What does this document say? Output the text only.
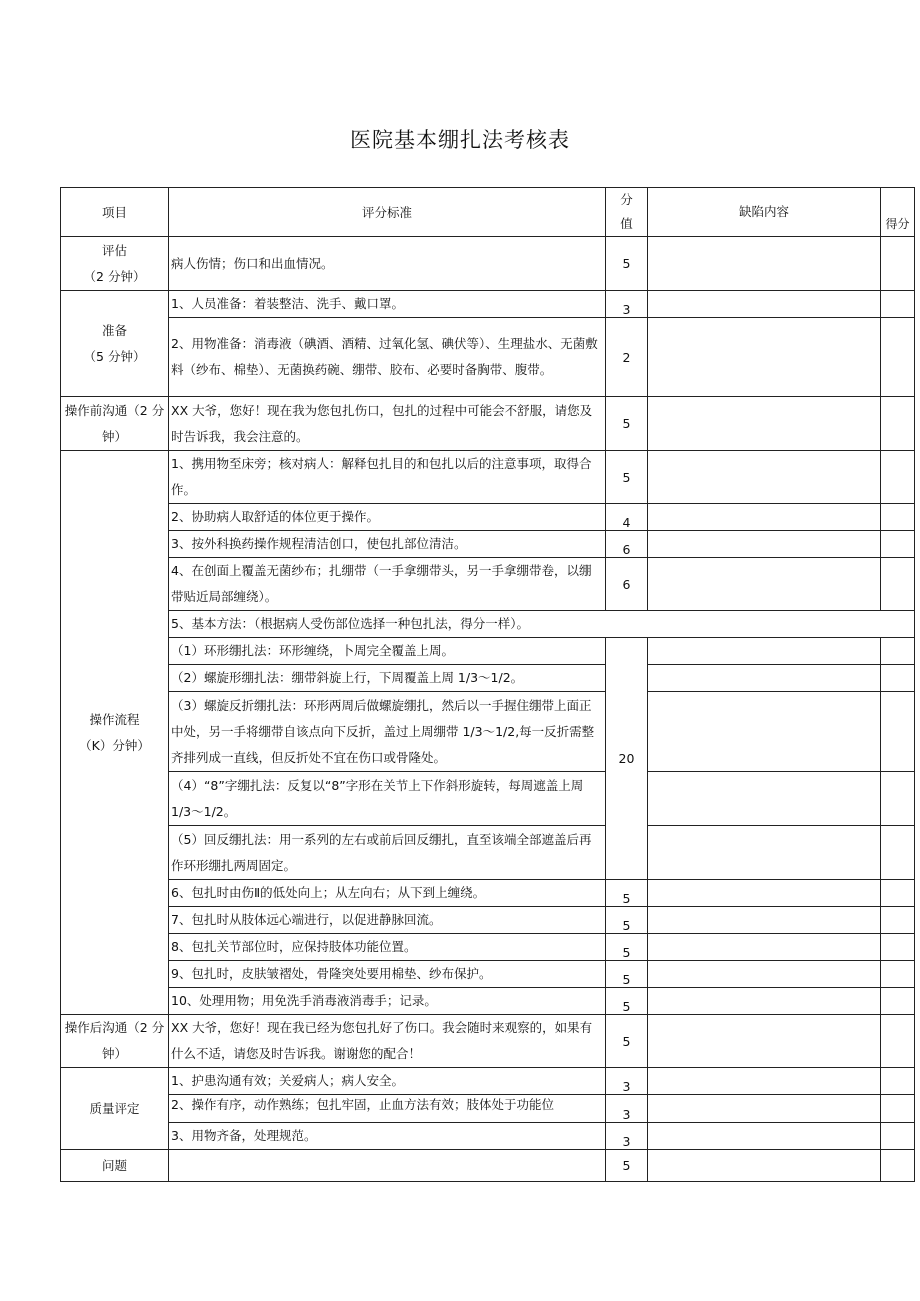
医院基本绷扎法考核表
项目	评分标准	分值	缺陷内容	得分

评估
（2 分钟）	病人伤情；伤口和出血情况。	5		

准备
（5 分钟）	1、人员准备：着装整洁、洗手、戴口罩。	3		
	2、用物准备：消毒液（碘酒、酒精、过氧化氢、碘伏等）、生理盐水、无菌敷料（纱布、棉垫）、无菌换药碗、绷带、胶布、必要时备胸带、腹带。	2		
操作前沟通（2 分钟）	XX 大爷，您好！现在我为您包扎伤口，包扎的过程中可能会不舒服，请您及时告诉我，我会注意的。	5		

操作流程
（K）分钟）	1、携用物至床旁；核对病人：解释包扎目的和包扎以后的注意事项，取得合作。	5		
	2、协助病人取舒适的体位更于操作。	4		
	3、按外科换药操作规程清洁创口，使包扎部位清洁。	6		
	4、在创面上覆盖无菌纱布；扎绷带（一手拿绷带头，另一手拿绷带卷，以绷带贴近局部缠绕）。	6		
	5、基本方法：（根据病人受伤部位选择一种包扎法，得分一样）。			
	（1）环形绷扎法：环形缠绕，卜周完全覆盖上周。	20		
	（2）螺旋形绷扎法：绷带斜旋上行，下周覆盖上周 1/3～1/2。			
	（3）螺旋反折绷扎法：环形两周后做螺旋绷扎，然后以一手握住绷带上面正中处，另一手将绷带自该点向下反折，盖过上周绷带 1/3～1/2,每一反折需整齐排列成一直线，但反折处不宜在伤口或骨隆处。			
	（4）“8”字绷扎法：反复以“8”字形在关节上下作斜形旋转，每周遮盖上周 1/3～1/2。			
	（5）回反绷扎法：用一系列的左右或前后回反绷扎，直至该端全部遮盖后再作环形绷扎两周固定。			
	6、包扎时由伤Ⅱ的低处向上；从左向右；从下到上缠绕。	5		
	7、包扎时从肢体远心端进行，以促进静脉回流。	5		
	8、包扎关节部位时，应保持肢体功能位置。	5		
	9、包扎时，皮肤皱褶处，骨隆突处要用棉垫、纱布保护。	5		
	10、处理用物；用免洗手消毒液消毒手；记录。	5		
操作后沟通（2 分钟）	XX 大爷，您好！现在我已经为您包扎好了伤口。我会随时来观察的，如果有什么不适，请您及时告诉我。谢谢您的配合！	5		
质量评定	1、护患沟通有效；关爱病人；病人安全。	3		
	2、操作有序，动作熟练；包扎牢固，止血方法有效；肢体处于功能位	3		
	3、用物齐备，处理规范。	3		
问题		5		
